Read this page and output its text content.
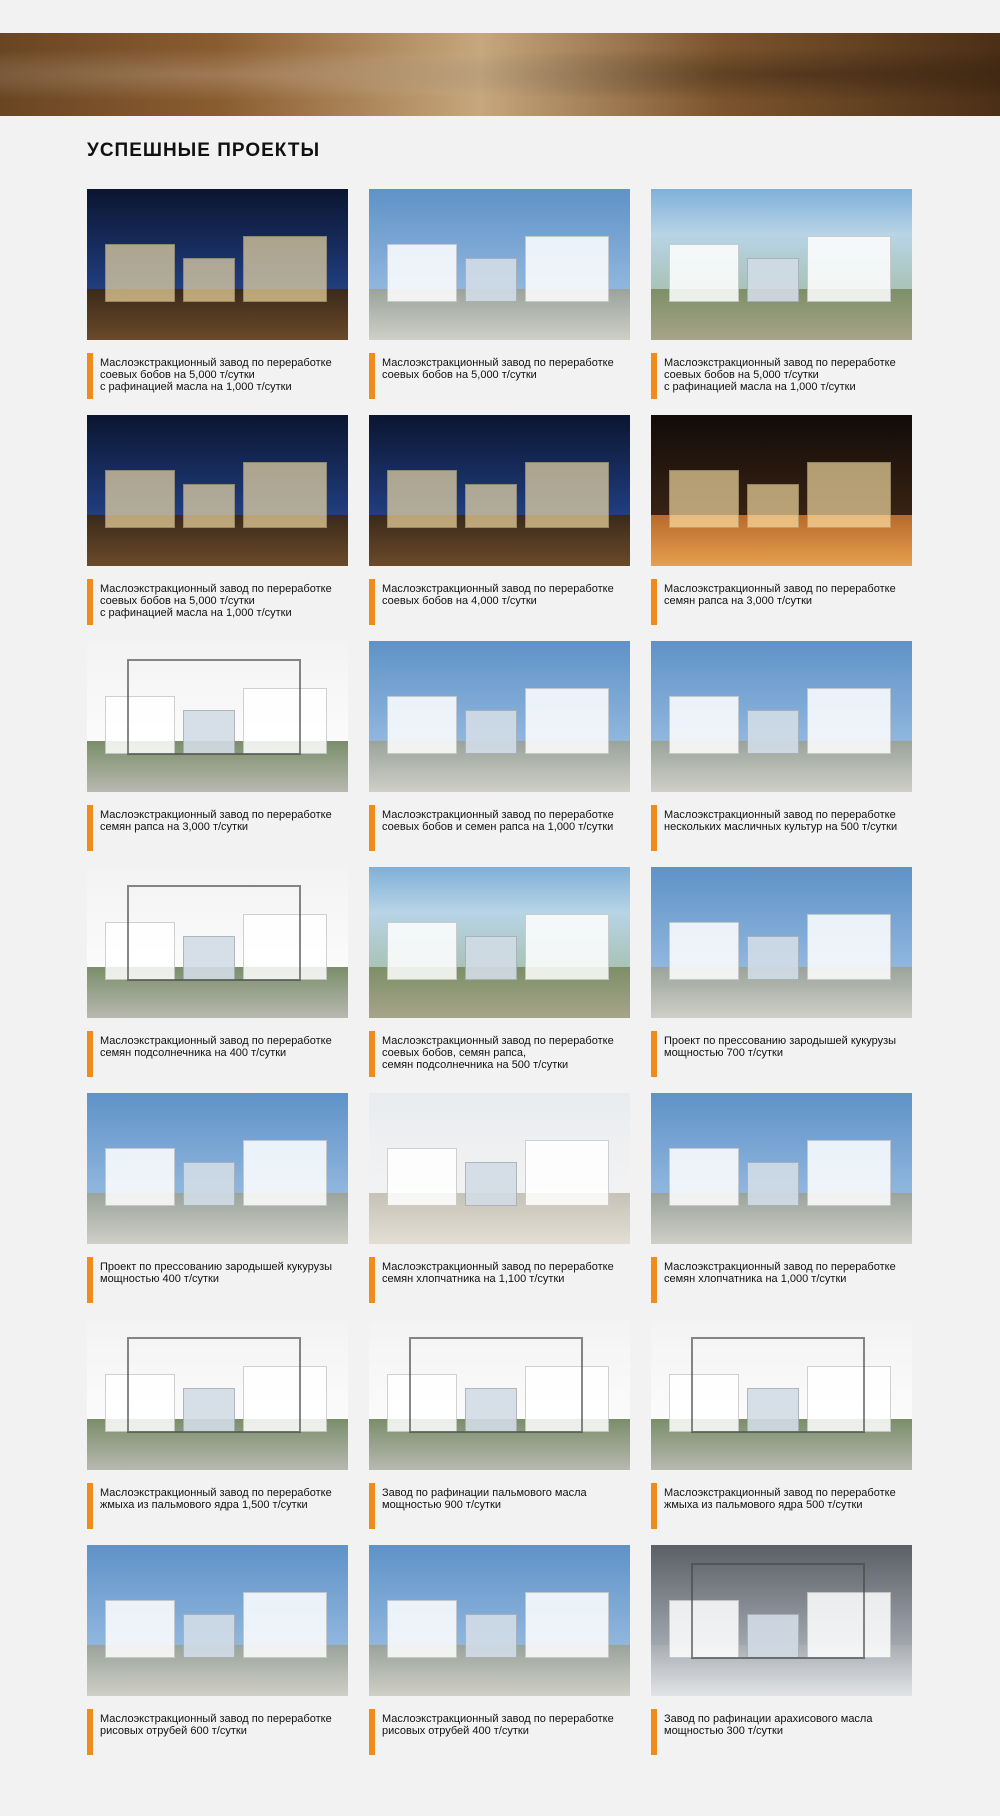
УСПЕШНЫЕ ПРОЕКТЫ
Маслоэкстракционный завод по переработке
соевых бобов на 5,000 т/сутки
с рафинацией масла на 1,000 т/сутки
Маслоэкстракционный завод по переработке
соевых бобов на 5,000 т/сутки
Маслоэкстракционный завод по переработке
соевых бобов на 5,000 т/сутки
с рафинацией масла на 1,000 т/сутки
Маслоэкстракционный завод по переработке
соевых бобов на 5,000 т/сутки
с рафинацией масла на 1,000 т/сутки
Маслоэкстракционный завод по переработке
соевых бобов на 4,000 т/сутки
Маслоэкстракционный завод по переработке
семян рапса на 3,000 т/сутки
Маслоэкстракционный завод по переработке
семян рапса на 3,000 т/сутки
Маслоэкстракционный завод по переработке
соевых бобов и семен рапса на 1,000 т/сутки
Маслоэкстракционный завод по переработке
нескольких масличных культур на 500 т/сутки
Маслоэкстракционный завод по переработке
семян подсолнечника на 400 т/сутки
Маслоэкстракционный завод по переработке
соевых бобов, семян рапса,
семян подсолнечника на 500 т/сутки
Проект по прессованию зародышей кукурузы
мощностью 700 т/сутки
Проект по прессованию зародышей кукурузы
мощностью 400 т/сутки
Маслоэкстракционный завод по переработке
семян хлопчатника на 1,100 т/сутки
Маслоэкстракционный завод по переработке
семян хлопчатника на 1,000 т/сутки
Маслоэкстракционный завод по переработке
жмыха из пальмового ядра 1,500 т/сутки
Завод по рафинации пальмового масла
мощностью 900 т/сутки
Маслоэкстракционный завод по переработке
жмыха из пальмового ядра 500 т/сутки
Маслоэкстракционный завод по переработке
рисовых отрубей 600 т/сутки
Маслоэкстракционный завод по переработке
рисовых отрубей 400 т/сутки
Завод по рафинации арахисового масла
мощностью 300 т/сутки
